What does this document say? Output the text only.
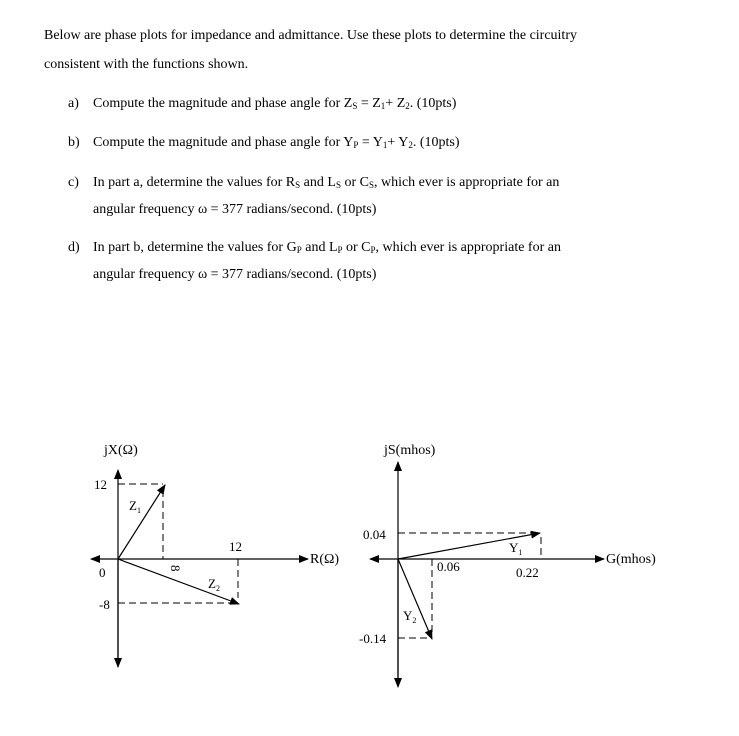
Below are phase plots for impedance and admittance. Use these plots to determine the circuitry
consistent with the functions shown.
a) Compute the magnitude and phase angle for $Z_S = Z_1+ Z_2$. (10pts)
b) Compute the magnitude and phase angle for $Y_P = Y_1+ Y_2$. (10pts)
c) In part a, determine the values for $R_S$ and $L_S$ or $C_S$, which ever is appropriate for an
angular frequency ω = 377 radians/second. (10pts)
d) In part b, determine the values for $G_P$ and $L_P$ or $C_P$, which ever is appropriate for an
angular frequency ω = 377 radians/second. (10pts)
jX(Ω)
R(Ω)
12
0
-8
8
12
$Z_1$
$Z_2$
jS(mhos)
G(mhos)
0.04
-0.14
0.06	0.22
$Y_1$
$Y_2$
